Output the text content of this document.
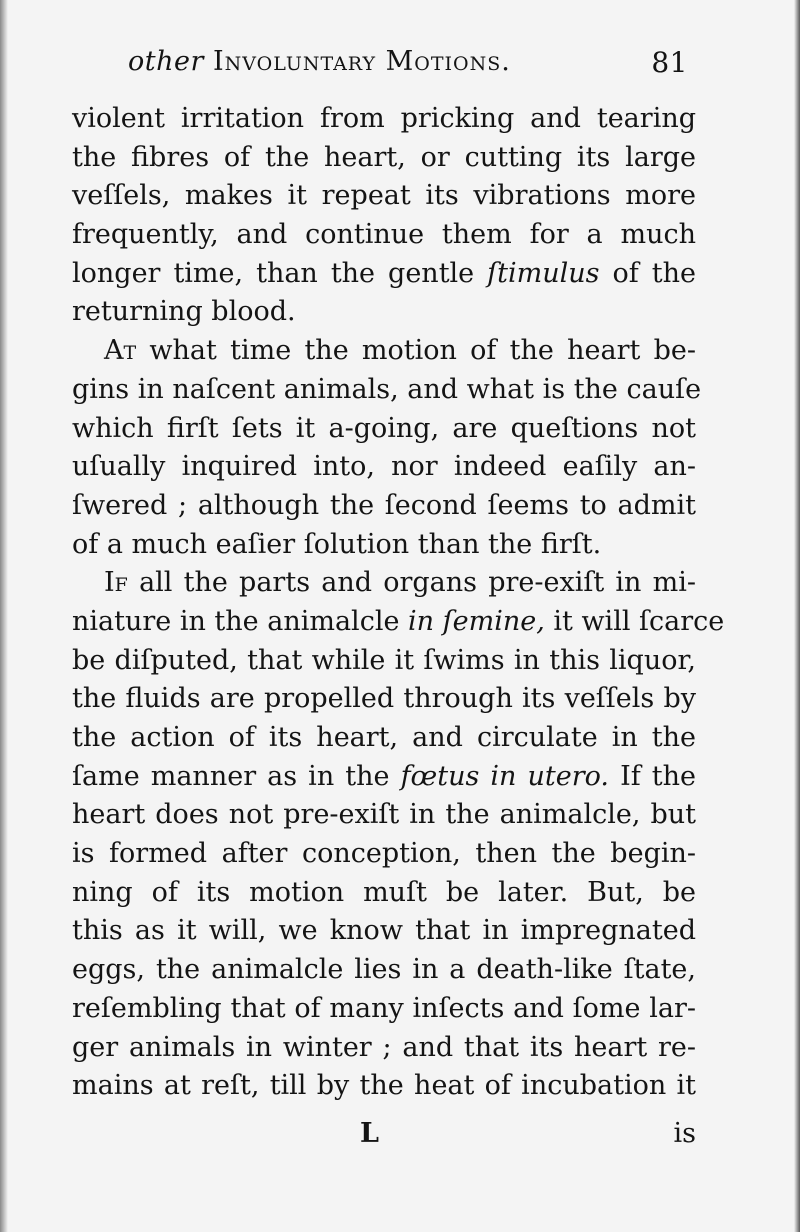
other Involuntary Motions.	81
violent irritation from pricking and tearing
the fibres of the heart, or cutting its large
veſſels, makes it repeat its vibrations more
frequently, and continue them for a much
longer time, than the gentle ſtimulus of the
returning blood.
At what time the motion of the heart be-
gins in naſcent animals, and what is the cauſe
which firſt ſets it a-going, are queſtions not
uſually inquired into, nor indeed eaſily an-
ſwered ; although the ſecond ſeems to admit
of a much eaſier ſolution than the firſt.
If all the parts and organs pre-exiſt in mi-
niature in the animalcle in ſemine, it will ſcarce
be diſputed, that while it ſwims in this liquor,
the fluids are propelled through its veſſels by
the action of its heart, and circulate in the
ſame manner as in the fœtus in utero. If the
heart does not pre-exiſt in the animalcle, but
is formed after conception, then the begin-
ning of its motion muſt be later. But, be
this as it will, we know that in impregnated
eggs, the animalcle lies in a death-like ſtate,
reſembling that of many inſects and ſome lar-
ger animals in winter ; and that its heart re-
mains at reſt, till by the heat of incubation it
L	is
